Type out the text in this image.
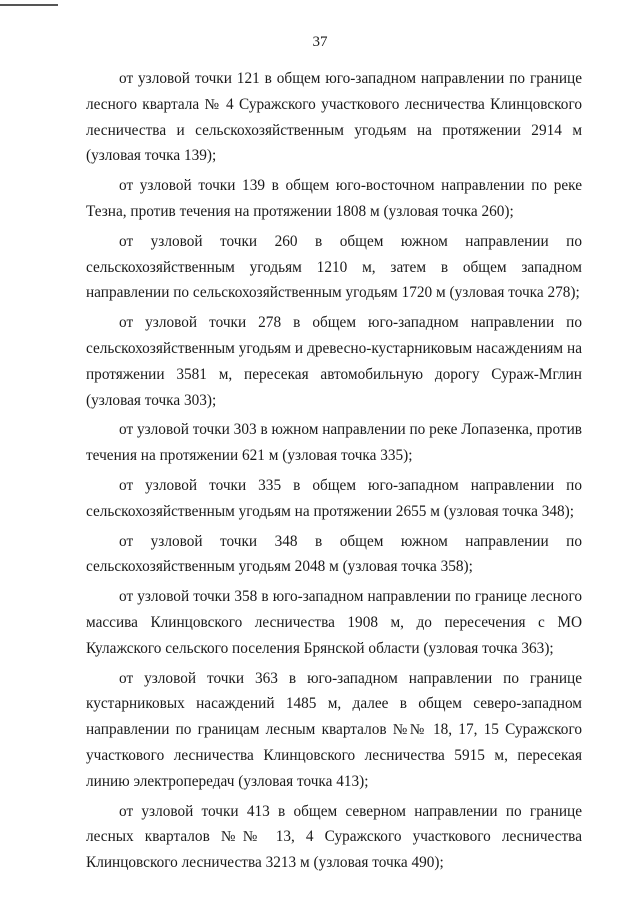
37

от узловой точки 121 в общем юго-западном направлении по границе лесного квартала № 4 Суражского участкового лесничества Клинцовского лесничества и сельскохозяйственным угодьям на протяжении 2914 м (узловая точка 139);

от узловой точки 139 в общем юго-восточном направлении по реке Тезна, против течения на протяжении 1808 м (узловая точка 260);

от узловой точки 260 в общем южном направлении по сельскохозяйственным угодьям 1210 м, затем в общем западном направлении по сельскохозяйственным угодьям 1720 м (узловая точка 278);

от узловой точки 278 в общем юго-западном направлении по сельскохозяйственным угодьям и древесно-кустарниковым насаждениям на протяжении 3581 м, пересекая автомобильную дорогу Сураж-Мглин (узловая точка 303);

от узловой точки 303 в южном направлении по реке Лопазенка, против течения на протяжении 621 м (узловая точка 335);

от узловой точки 335 в общем юго-западном направлении по сельскохозяйственным угодьям на протяжении 2655 м (узловая точка 348);

от узловой точки 348 в общем южном направлении по сельскохозяйственным угодьям 2048 м (узловая точка 358);

от узловой точки 358 в юго-западном направлении по границе лесного массива Клинцовского лесничества 1908 м, до пересечения с МО Кулажского сельского поселения Брянской области (узловая точка 363);

от узловой точки 363 в юго-западном направлении по границе кустарниковых насаждений 1485 м, далее в общем северо-западном направлении по границам лесным кварталов №№ 18, 17, 15 Суражского участкового лесничества Клинцовского лесничества 5915 м, пересекая линию электропередач (узловая точка 413);

от узловой точки 413 в общем северном направлении по границе лесных кварталов №№ 13, 4 Суражского участкового лесничества Клинцовского лесничества 3213 м (узловая точка 490);
